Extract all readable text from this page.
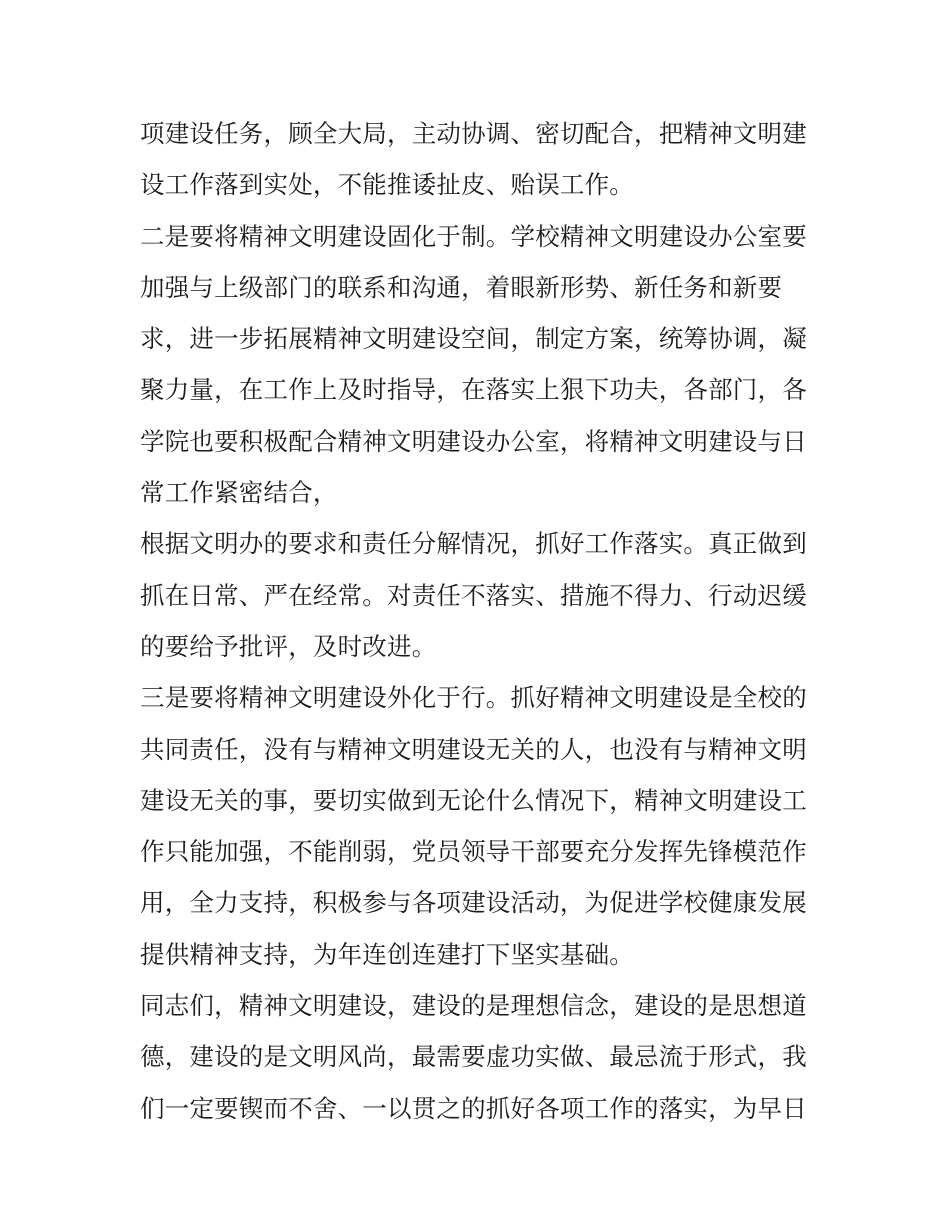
项建设任务，顾全大局，主动协调、密切配合，把精神文明建
设工作落到实处，不能推诿扯皮、贻误工作。
二是要将精神文明建设固化于制。学校精神文明建设办公室要
加强与上级部门的联系和沟通，着眼新形势、新任务和新要
求，进一步拓展精神文明建设空间，制定方案，统筹协调，凝
聚力量，在工作上及时指导，在落实上狠下功夫，各部门，各
学院也要积极配合精神文明建设办公室，将精神文明建设与日
常工作紧密结合，
根据文明办的要求和责任分解情况，抓好工作落实。真正做到
抓在日常、严在经常。对责任不落实、措施不得力、行动迟缓
的要给予批评，及时改进。
三是要将精神文明建设外化于行。抓好精神文明建设是全校的
共同责任，没有与精神文明建设无关的人，也没有与精神文明
建设无关的事，要切实做到无论什么情况下，精神文明建设工
作只能加强，不能削弱，党员领导干部要充分发挥先锋模范作
用，全力支持，积极参与各项建设活动，为促进学校健康发展
提供精神支持，为年连创连建打下坚实基础。
同志们，精神文明建设，建设的是理想信念，建设的是思想道
德，建设的是文明风尚，最需要虚功实做、最忌流于形式，我
们一定要锲而不舍、一以贯之的抓好各项工作的落实，为早日
